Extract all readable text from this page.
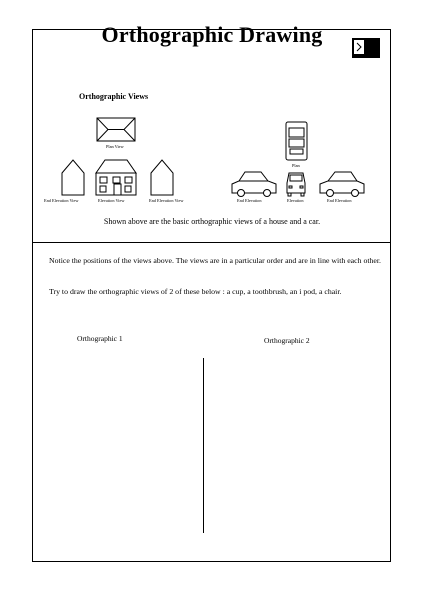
Orthographic Drawing
Orthographic Views
Plan View
End Elevation View	Elevation View	End Elevation View
Plan
End Elevation	Elevation	End Elevation
Shown above are the basic orthographic views of a house and a car.
Notice the positions of the views above. The views are in a particular order and are in line with each other.
Try to draw the orthographic views of 2 of these below : a cup, a toothbrush, an i pod, a chair.
Orthographic 1	Orthographic 2
